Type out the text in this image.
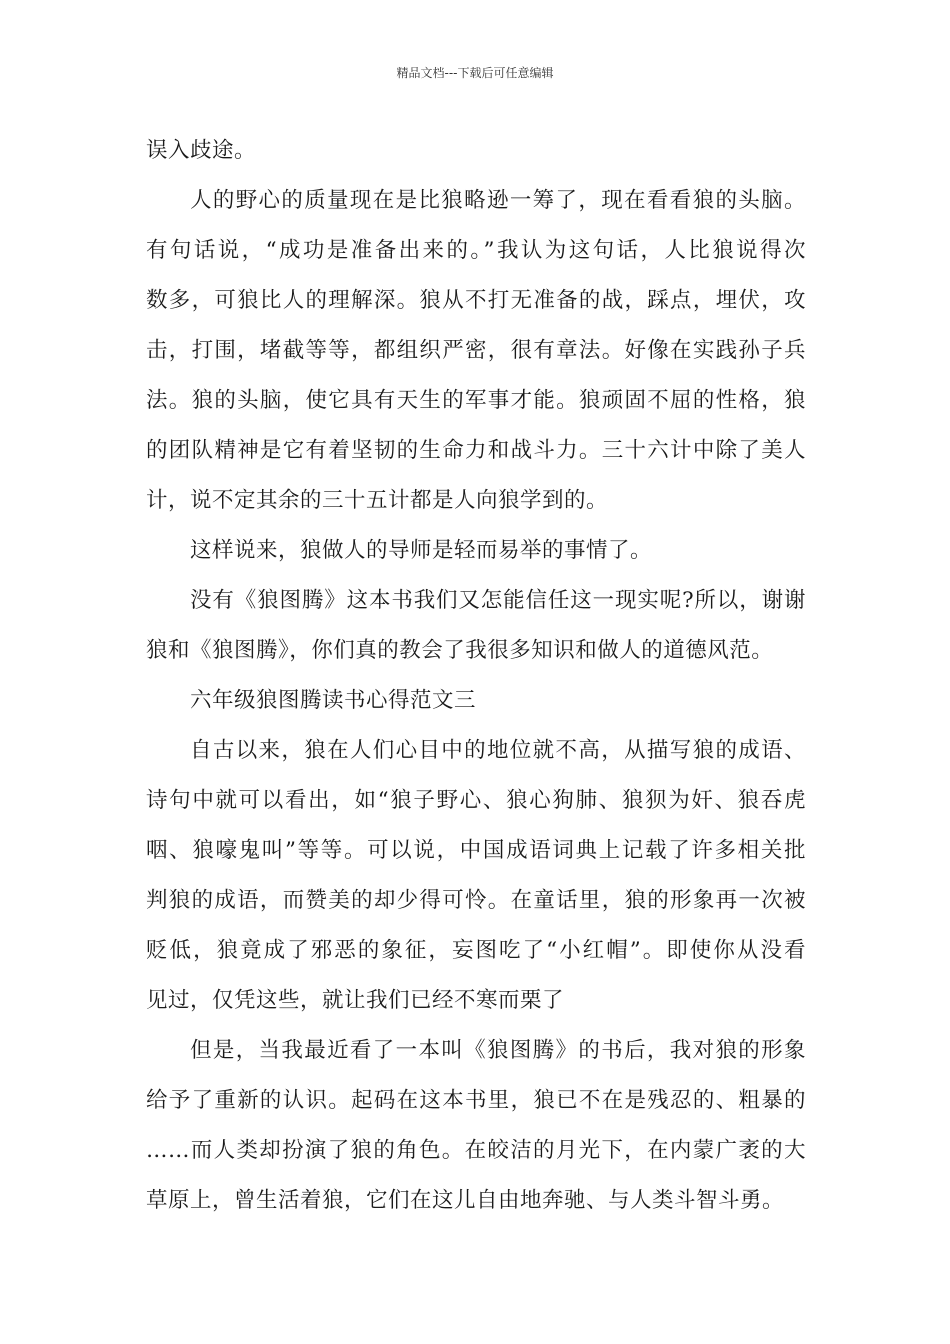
精品文档---下载后可任意编辑
误入歧途。
人的野心的质量现在是比狼略逊一筹了，现在看看狼的头脑。
有句话说，“成功是准备出来的。”我认为这句话，人比狼说得次
数多，可狼比人的理解深。狼从不打无准备的战，踩点，埋伏，攻
击，打围，堵截等等，都组织严密，很有章法。好像在实践孙子兵
法。狼的头脑，使它具有天生的军事才能。狼顽固不屈的性格，狼
的团队精神是它有着坚韧的生命力和战斗力。三十六计中除了美人
计，说不定其余的三十五计都是人向狼学到的。
这样说来，狼做人的导师是轻而易举的事情了。
没有《狼图腾》这本书我们又怎能信任这一现实呢?所以，谢谢
狼和《狼图腾》，你们真的教会了我很多知识和做人的道德风范。
六年级狼图腾读书心得范文三
自古以来，狼在人们心目中的地位就不高，从描写狼的成语、
诗句中就可以看出，如“狼子野心、狼心狗肺、狼狈为奸、狼吞虎
咽、狼嚎鬼叫”等等。可以说，中国成语词典上记载了许多相关批
判狼的成语，而赞美的却少得可怜。在童话里，狼的形象再一次被
贬低，狼竟成了邪恶的象征，妄图吃了“小红帽”。即使你从没看
见过，仅凭这些，就让我们已经不寒而栗了
但是，当我最近看了一本叫《狼图腾》的书后，我对狼的形象
给予了重新的认识。起码在这本书里，狼已不在是残忍的、粗暴的
……而人类却扮演了狼的角色。在皎洁的月光下，在内蒙广袤的大
草原上，曾生活着狼，它们在这儿自由地奔驰、与人类斗智斗勇。
